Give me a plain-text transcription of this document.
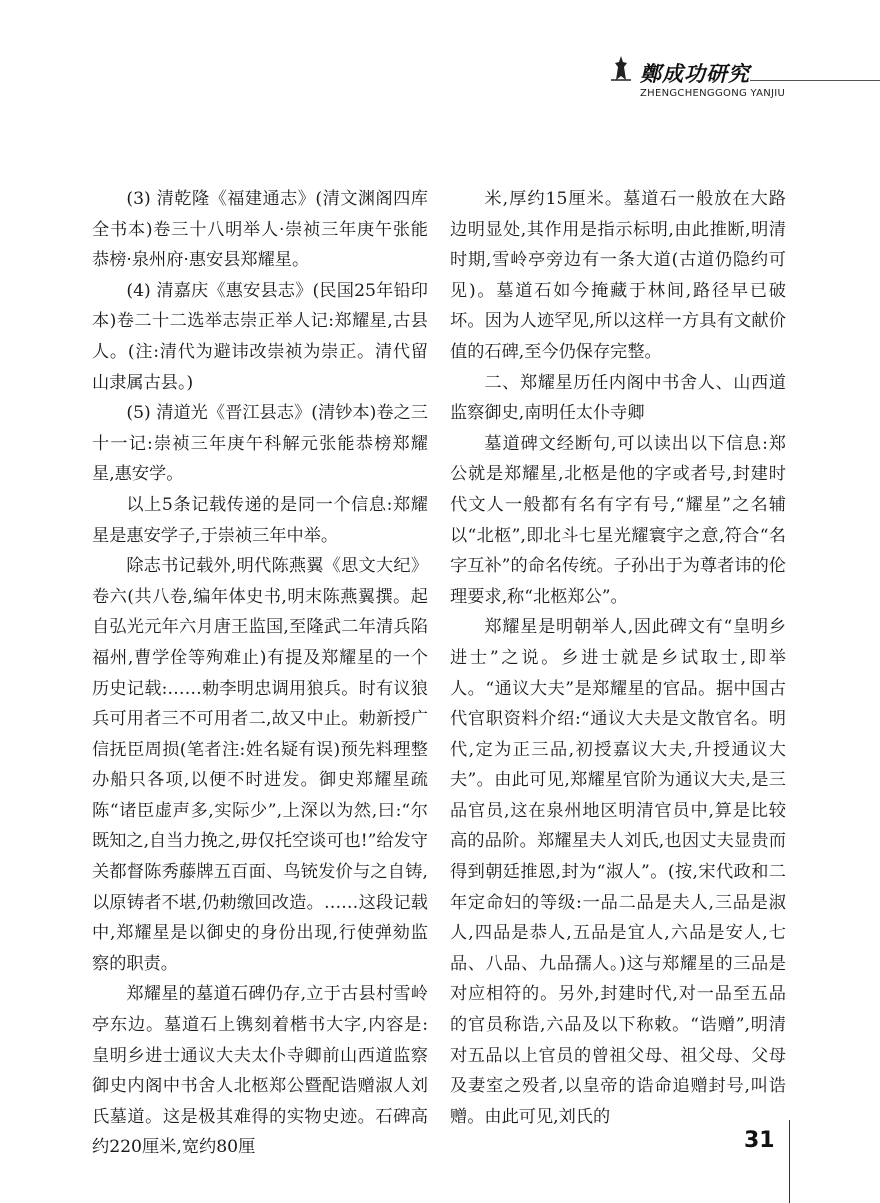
鄭成功研究
ZHENGCHENGGONG YANJIU

(3) 清乾隆《福建通志》(清文渊阁四库全书本)卷三十八明举人·崇祯三年庚午张能恭榜·泉州府·惠安县郑耀星。

(4) 清嘉庆《惠安县志》(民国25年铅印本)卷二十二选举志崇正举人记:郑耀星,古县人。(注:清代为避讳改崇祯为崇正。清代留山隶属古县。)

(5) 清道光《晋江县志》(清钞本)卷之三十一记:崇祯三年庚午科解元张能恭榜郑耀星,惠安学。

以上5条记载传递的是同一个信息:郑耀星是惠安学子,于崇祯三年中举。

除志书记载外,明代陈燕翼《思文大纪》卷六(共八卷,编年体史书,明末陈燕翼撰。起自弘光元年六月唐王监国,至隆武二年清兵陷福州,曹学佺等殉难止)有提及郑耀星的一个历史记载:……勅李明忠调用狼兵。时有议狼兵可用者三不可用者二,故又中止。勅新授广信抚臣周损(笔者注:姓名疑有误)预先料理整办船只各项,以便不时进发。御史郑耀星疏陈“诸臣虚声多,实际少”,上深以为然,曰:“尔既知之,自当力挽之,毋仅托空谈可也!”给发守关都督陈秀藤牌五百面、鸟铳发价与之自铸,以原铸者不堪,仍勅缴回改造。……这段记载中,郑耀星是以御史的身份出现,行使弹劾监察的职责。

郑耀星的墓道石碑仍存,立于古县村雪岭亭东边。墓道石上镌刻着楷书大字,内容是:皇明乡进士通议大夫太仆寺卿前山西道监察御史内阁中书舍人北柩郑公暨配诰赠淑人刘氏墓道。这是极其难得的实物史迹。石碑高约220厘米,宽约80厘

米,厚约15厘米。墓道石一般放在大路边明显处,其作用是指示标明,由此推断,明清时期,雪岭亭旁边有一条大道(古道仍隐约可见)。墓道石如今掩藏于林间,路径早已破坏。因为人迹罕见,所以这样一方具有文献价值的石碑,至今仍保存完整。

二、郑耀星历任内阁中书舍人、山西道监察御史,南明任太仆寺卿

墓道碑文经断句,可以读出以下信息:郑公就是郑耀星,北柩是他的字或者号,封建时代文人一般都有名有字有号,“耀星”之名辅以“北柩”,即北斗七星光耀寰宇之意,符合“名字互补”的命名传统。子孙出于为尊者讳的伦理要求,称“北柩郑公”。

郑耀星是明朝举人,因此碑文有“皇明乡进士”之说。乡进士就是乡试取士,即举人。“通议大夫”是郑耀星的官品。据中国古代官职资料介绍:“通议大夫是文散官名。明代,定为正三品,初授嘉议大夫,升授通议大夫”。由此可见,郑耀星官阶为通议大夫,是三品官员,这在泉州地区明清官员中,算是比较高的品阶。郑耀星夫人刘氏,也因丈夫显贵而得到朝廷推恩,封为“淑人”。(按,宋代政和二年定命妇的等级:一品二品是夫人,三品是淑人,四品是恭人,五品是宜人,六品是安人,七品、八品、九品孺人。)这与郑耀星的三品是对应相符的。另外,封建时代,对一品至五品的官员称诰,六品及以下称敕。“诰赠”,明清对五品以上官员的曾祖父母、祖父母、父母及妻室之殁者,以皇帝的诰命追赠封号,叫诰赠。由此可见,刘氏的

31
